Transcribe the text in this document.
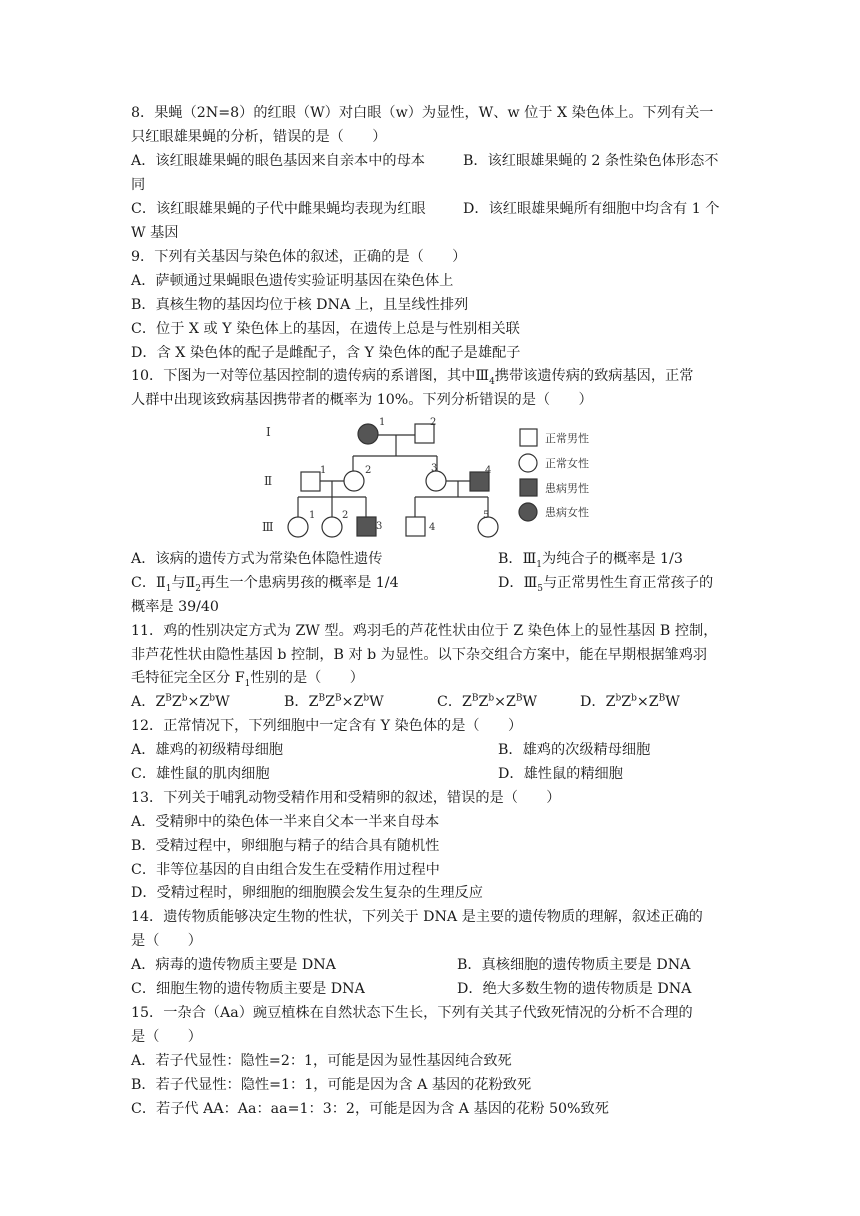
8．果蝇（2N=8）的红眼（W）对白眼（w）为显性，W、w 位于 X 染色体上。下列有关一
只红眼雄果蝇的分析，错误的是（　　）
A．该红眼雄果蝇的眼色基因来自亲本中的母本	B．该红眼雄果蝇的 2 条性染色体形态不
同
C．该红眼雄果蝇的子代中雌果蝇均表现为红眼	D．该红眼雄果蝇所有细胞中均含有 1 个
W 基因
9．下列有关基因与染色体的叙述，正确的是（　　）
A．萨顿通过果蝇眼色遗传实验证明基因在染色体上
B．真核生物的基因均位于核 DNA 上，且呈线性排列
C．位于 X 或 Y 染色体上的基因，在遗传上总是与性别相关联
D．含 X 染色体的配子是雌配子，含 Y 染色体的配子是雄配子
10．下图为一对等位基因控制的遗传病的系谱图，其中$Ⅲ_4$携带该遗传病的致病基因，正常
人群中出现该致病基因携带者的概率为 10%。下列分析错误的是（　　）
Ⅰ
Ⅱ
Ⅲ
1	2
1	2	3	4
1	2
3	4
5
正常男性
正常女性
患病男性
患病女性
A．该病的遗传方式为常染色体隐性遗传	B．$Ⅲ_1$为纯合子的概率是 1/3
C．$Ⅱ_1$与$Ⅱ_2$再生一个患病男孩的概率是 1/4	D．$Ⅲ_5$与正常男性生育正常孩子的
概率是 39/40
11．鸡的性别决定方式为 ZW 型。鸡羽毛的芦花性状由位于 Z 染色体上的显性基因 B 控制，
非芦花性状由隐性基因 b 控制，B 对 b 为显性。以下杂交组合方案中，能在早期根据雏鸡羽
毛特征完全区分 $F_1$性别的是（　　）
A．$Z^BZ^b\times Z^bW$	B．$Z^BZ^B\times Z^bW$	C．$Z^BZ^b\times Z^BW$	D．$Z^bZ^b\times Z^BW$
12．正常情况下，下列细胞中一定含有 Y 染色体的是（　　）
A．雄鸡的初级精母细胞	B．雄鸡的次级精母细胞
C．雄性鼠的肌肉细胞	D．雄性鼠的精细胞
13．下列关于哺乳动物受精作用和受精卵的叙述，错误的是（　　）
A．受精卵中的染色体一半来自父本一半来自母本
B．受精过程中，卵细胞与精子的结合具有随机性
C．非等位基因的自由组合发生在受精作用过程中
D．受精过程时，卵细胞的细胞膜会发生复杂的生理反应
14．遗传物质能够决定生物的性状，下列关于 DNA 是主要的遗传物质的理解，叙述正确的
是（　　）
A．病毒的遗传物质主要是 DNA	B．真核细胞的遗传物质主要是 DNA
C．细胞生物的遗传物质主要是 DNA	D．绝大多数生物的遗传物质是 DNA
15．一杂合（Aa）豌豆植株在自然状态下生长，下列有关其子代致死情况的分析不合理的
是（　　）
A．若子代显性：隐性=2：1，可能是因为显性基因纯合致死
B．若子代显性：隐性=1：1，可能是因为含 A 基因的花粉致死
C．若子代 AA：Aa：aa=1：3：2，可能是因为含 A 基因的花粉 50%致死
